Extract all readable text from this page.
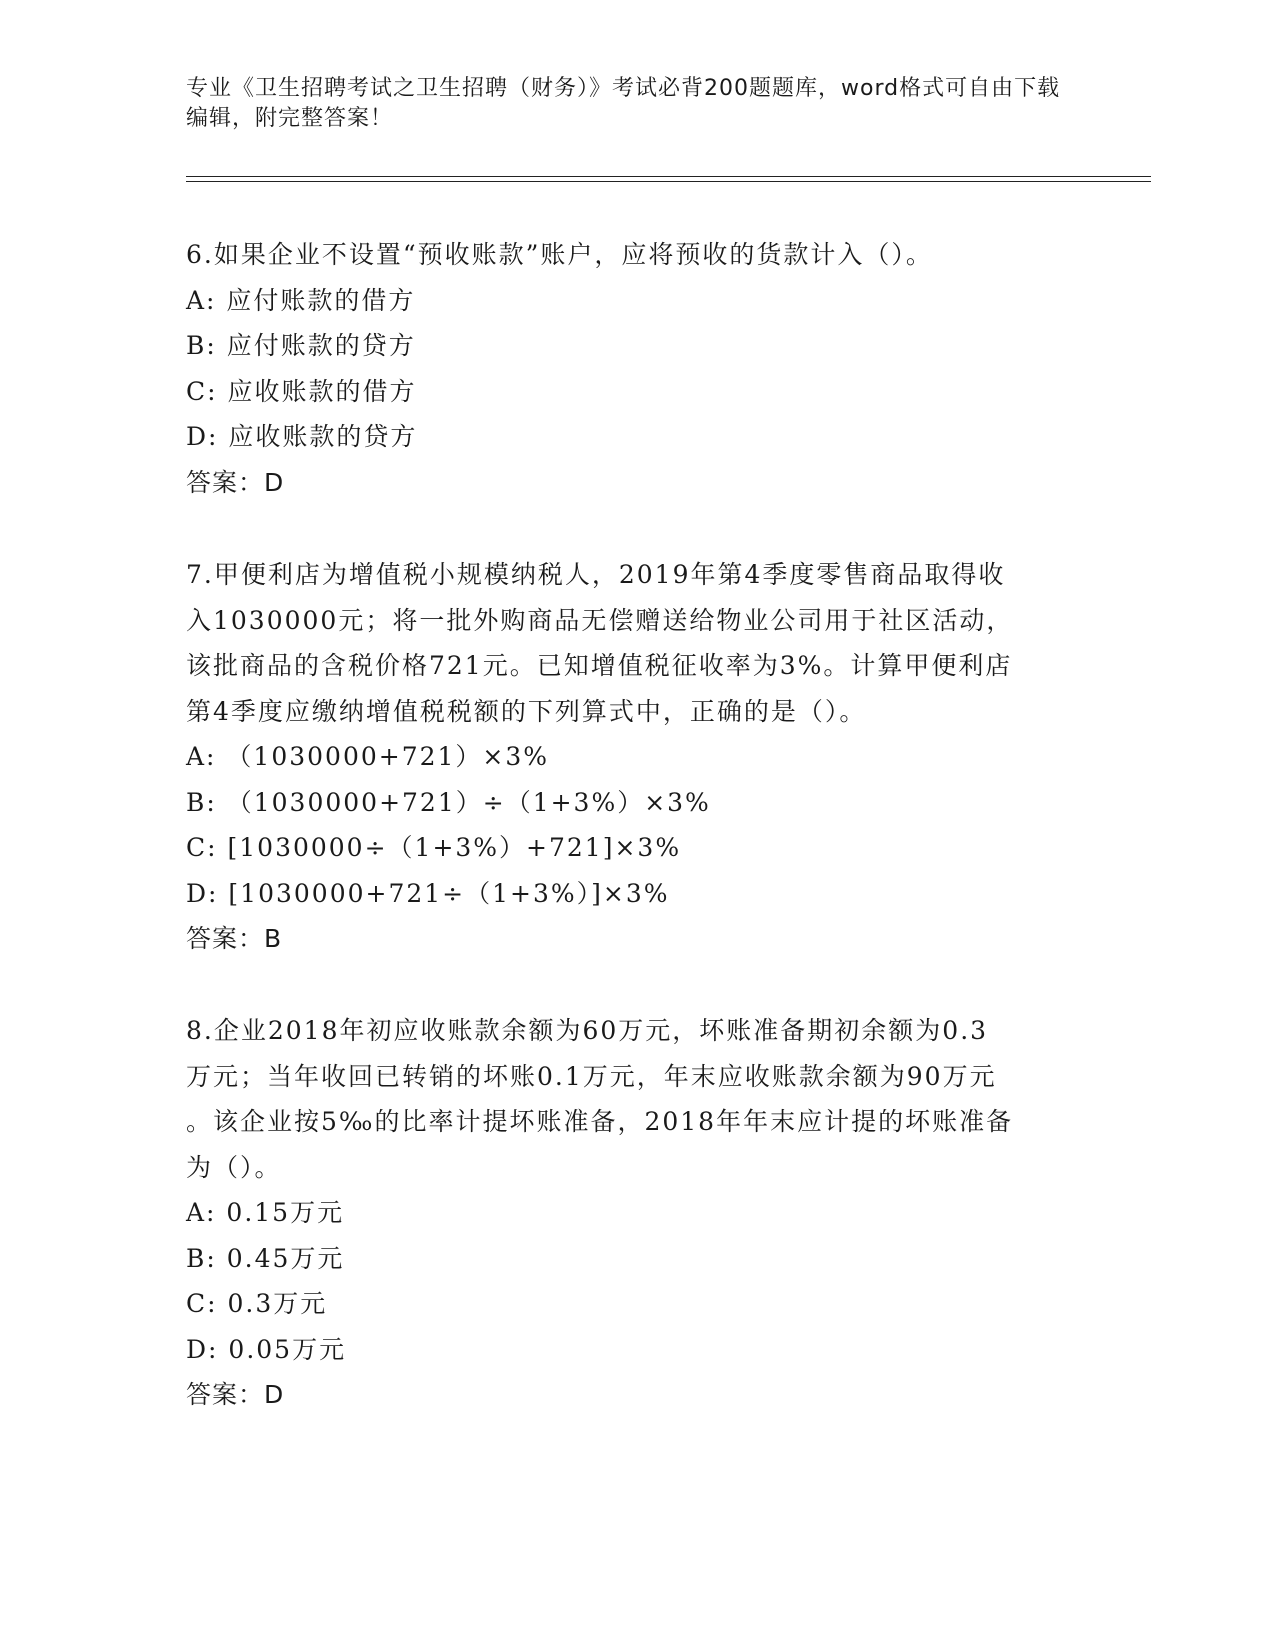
专业《卫生招聘考试之卫生招聘（财务）》考试必背200题题库，word格式可自由下载编辑，附完整答案！

6.如果企业不设置“预收账款”账户，应将预收的货款计入（）。

A: 应付账款的借方

B: 应付账款的贷方

C: 应收账款的借方

D: 应收账款的贷方

答案：D

7.甲便利店为增值税小规模纳税人，2019年第4季度零售商品取得收

入1030000元；将一批外购商品无偿赠送给物业公司用于社区活动，

该批商品的含税价格721元。已知增值税征收率为3%。计算甲便利店

第4季度应缴纳增值税税额的下列算式中，正确的是（）。

A: （1030000+721）×3%

B: （1030000+721）÷（1+3%）×3%

C: [1030000÷（1+3%）+721]×3%

D: [1030000+721÷（1+3%）]×3%

答案：B

8.企业2018年初应收账款余额为60万元，坏账准备期初余额为0.3

万元；当年收回已转销的坏账0.1万元，年末应收账款余额为90万元

。该企业按5‰的比率计提坏账准备，2018年年末应计提的坏账准备

为（）。

A: 0.15万元

B: 0.45万元

C: 0.3万元

D: 0.05万元

答案：D
